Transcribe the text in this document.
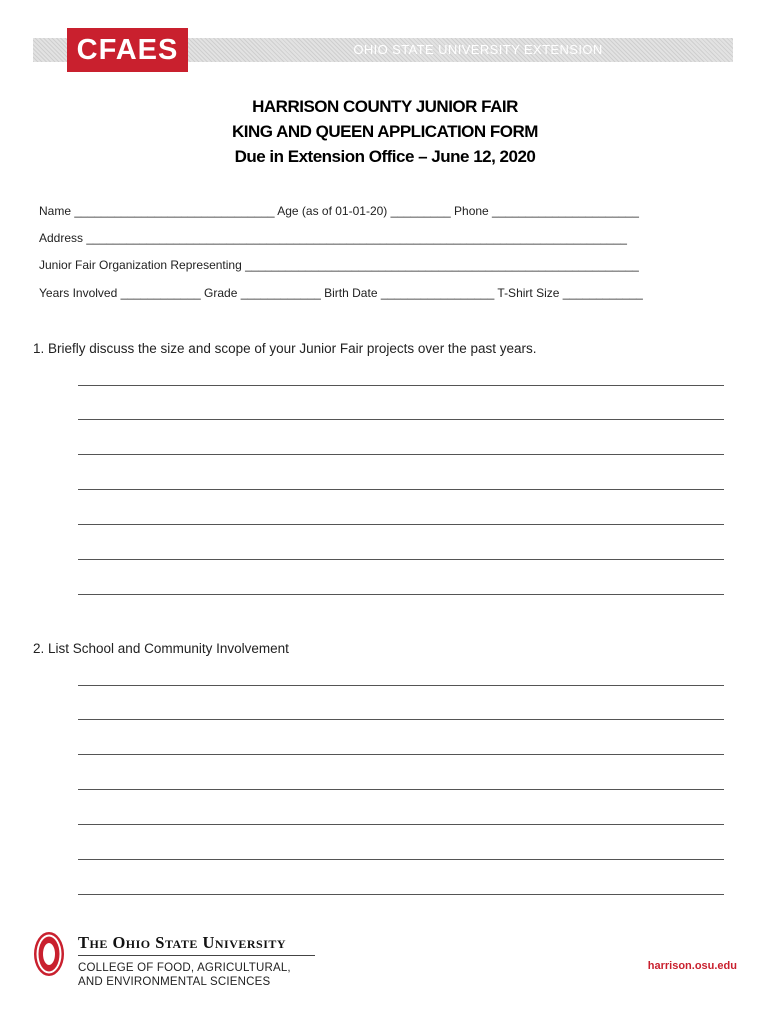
OHIO STATE UNIVERSITY EXTENSION
CFAES
HARRISON COUNTY JUNIOR FAIR
KING AND QUEEN APPLICATION FORM
Due in Extension Office – June 12, 2020
Name ______________________________ Age (as of 01-01-20) _________ Phone ______________________
Address _________________________________________________________________________________
Junior Fair Organization Representing ___________________________________________________________
Years Involved ____________ Grade ____________ Birth Date _________________ T-Shirt Size ____________
1. Briefly discuss the size and scope of your Junior Fair projects over the past years.
2. List School and Community Involvement
The Ohio State University
COLLEGE OF FOOD, AGRICULTURAL,
AND ENVIRONMENTAL SCIENCES
harrison.osu.edu
